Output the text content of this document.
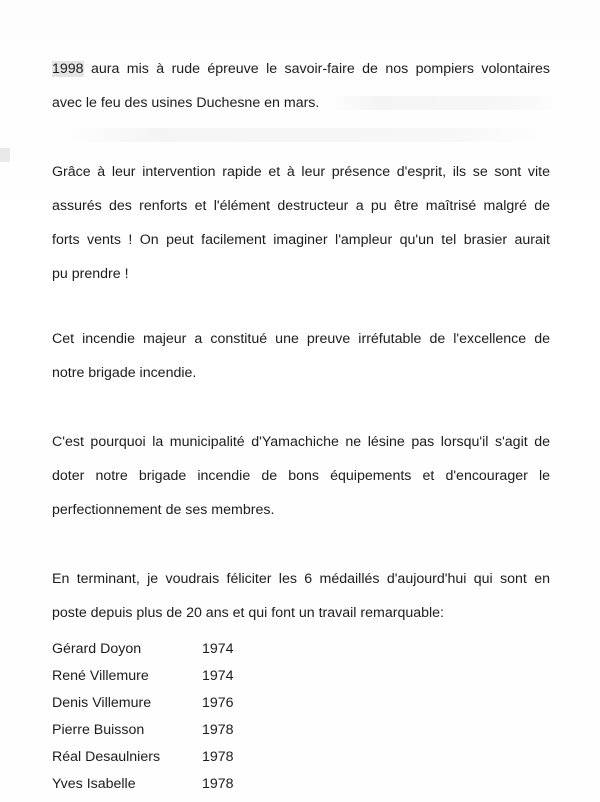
1998 aura mis à rude épreuve le savoir-faire de nos pompiers volontaires
avec le feu des usines Duchesne en mars.

Grâce à leur intervention rapide et à leur présence d'esprit, ils se sont vite
assurés des renforts et l'élément destructeur a pu être maîtrisé malgré de
forts vents ! On peut facilement imaginer l'ampleur qu'un tel brasier aurait
pu prendre !

Cet incendie majeur a constitué une preuve irréfutable de l'excellence de
notre brigade incendie.

C'est pourquoi la municipalité d'Yamachiche ne lésine pas lorsqu'il s'agit de
doter notre brigade incendie de bons équipements et d'encourager le
perfectionnement de ses membres.

En terminant, je voudrais féliciter les 6 médaillés d'aujourd'hui qui sont en
poste depuis plus de 20 ans et qui font un travail remarquable:

Gérard Doyon	1974
René Villemure	1974
Denis Villemure	1976
Pierre Buisson	1978
Réal Desaulniers	1978
Yves Isabelle	1978
